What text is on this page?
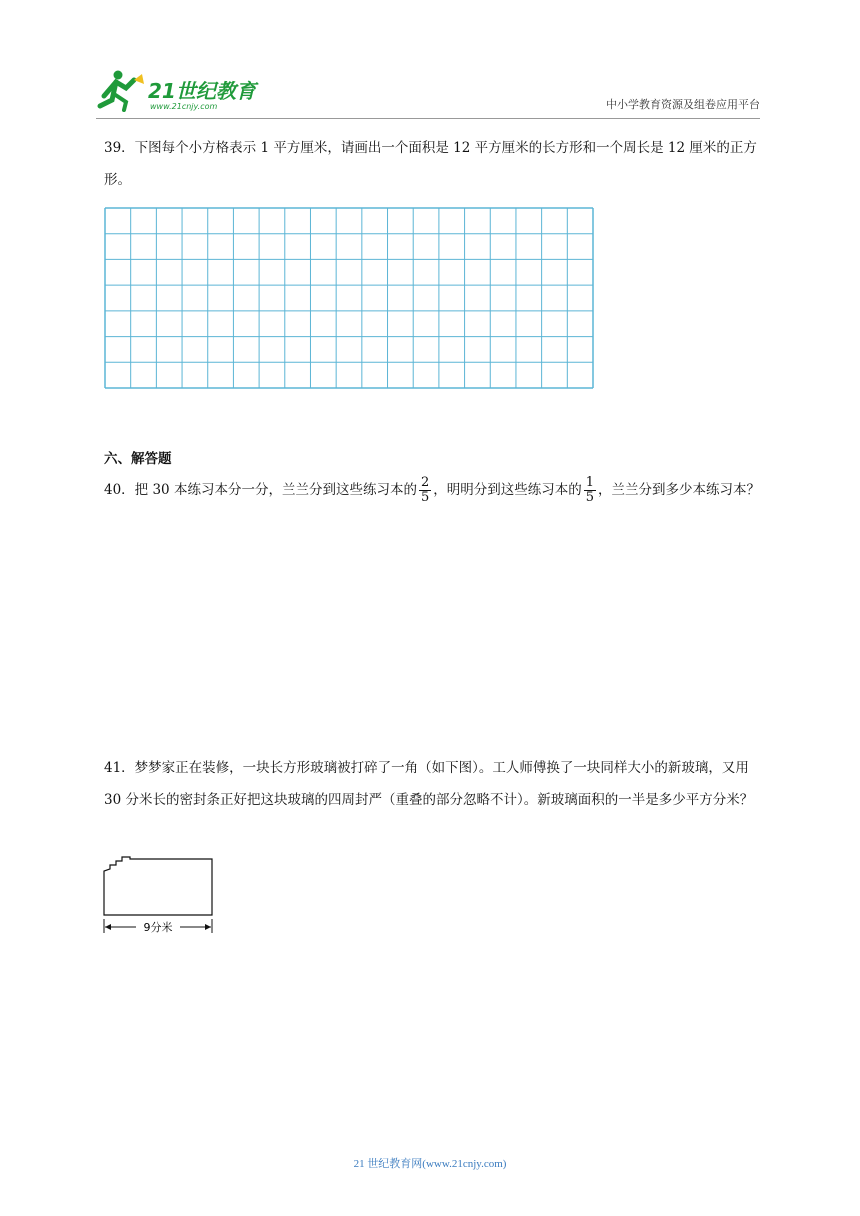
21世纪教育
www.21cnjy.com	中小学教育资源及组卷应用平台
39．下图每个小方格表示 1 平方厘米，请画出一个面积是 12 平方厘米的长方形和一个周长是 12 厘米的正方形。
六、解答题
40．把 30 本练习本分一分，兰兰分到这些练习本的 $\frac{2}{5}$ ，明明分到这些练习本的 $\frac{1}{5}$ ，兰兰分到多少本练习本？
41．梦梦家正在装修，一块长方形玻璃被打碎了一角（如下图）。工人师傅换了一块同样大小的新玻璃，又用 30 分米长的密封条正好把这块玻璃的四周封严（重叠的部分忽略不计）。新玻璃面积的一半是多少平方分米？
9分米
21 世纪教育网(www.21cnjy.com)
